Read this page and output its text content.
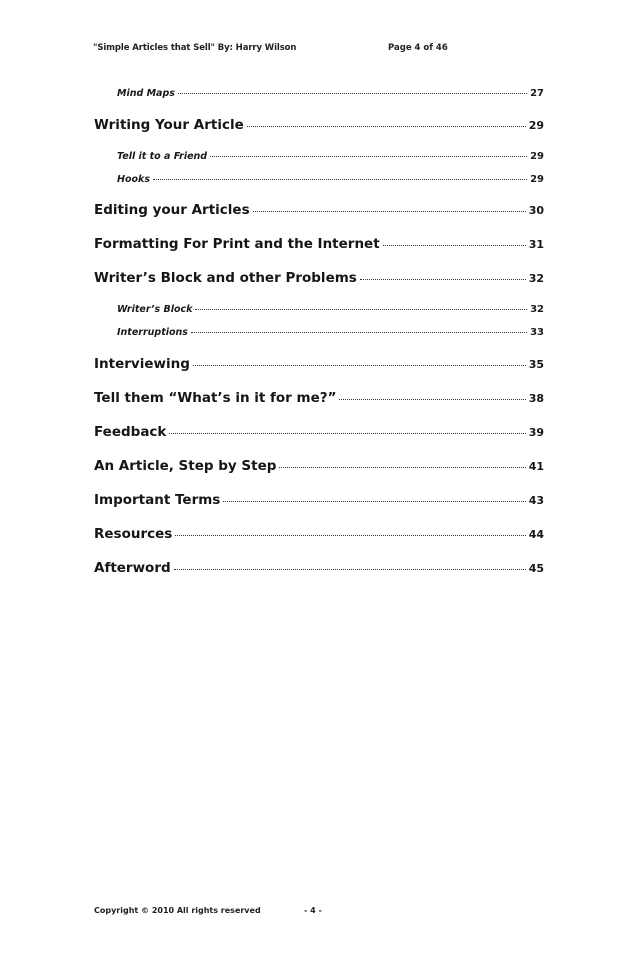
"Simple Articles that Sell" By: Harry Wilson	Page 4 of 46
Mind Maps	27
Writing Your Article	29
Tell it to a Friend	29
Hooks	29
Editing your Articles	30
Formatting For Print and the Internet	31
Writer’s Block and other Problems	32
Writer’s Block	32
Interruptions	33
Interviewing	35
Tell them “What’s in it for me?”	38
Feedback	39
An Article, Step by Step	41
Important Terms	43
Resources	44
Afterword	45
Copyright © 2010 All rights reserved	- 4 -
